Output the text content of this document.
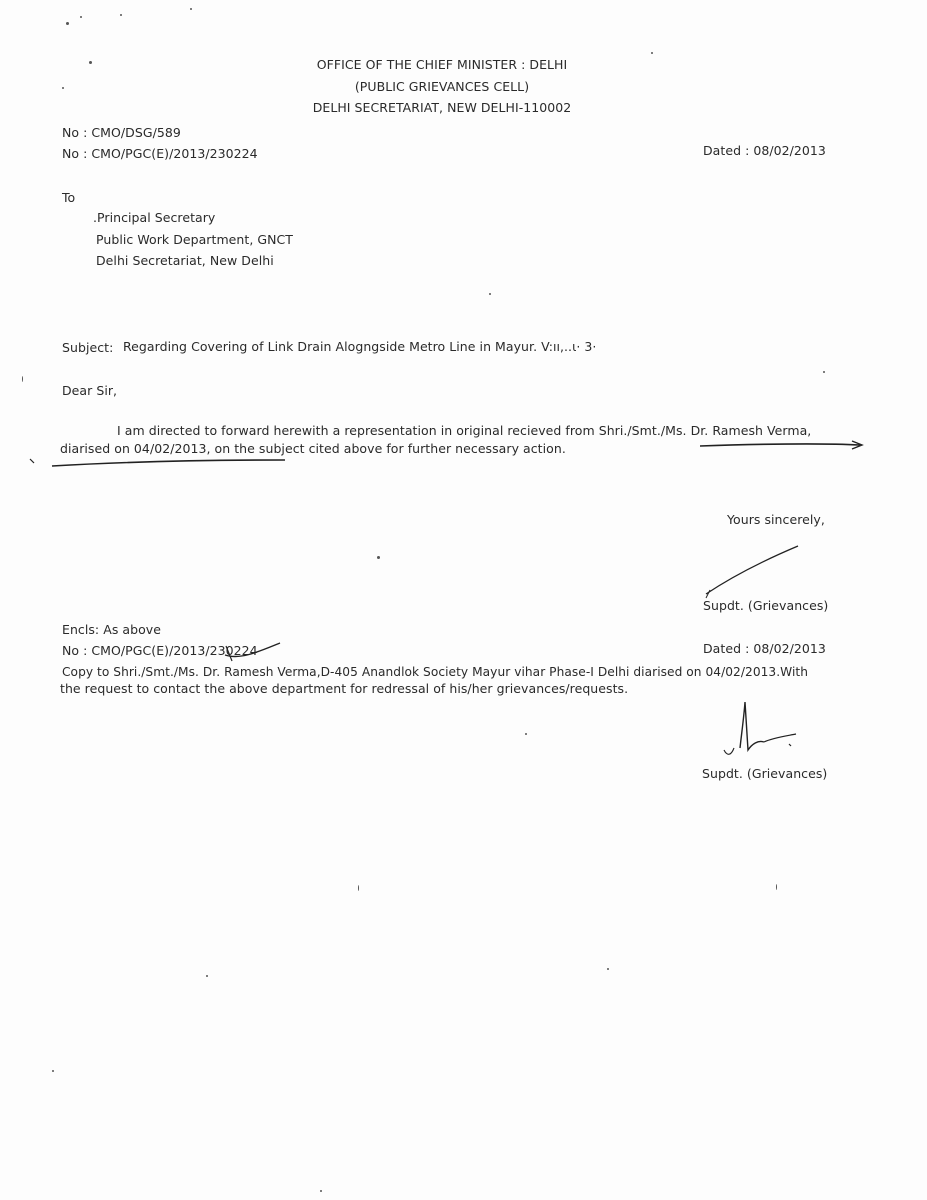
OFFICE OF THE CHIEF MINISTER : DELHI
(PUBLIC GRIEVANCES CELL)
DELHI SECRETARIAT, NEW DELHI-110002
No : CMO/DSG/589
No : CMO/PGC(E)/2013/230224	Dated : 08/02/2013
To
.Principal Secretary
Public Work Department, GNCT
Delhi Secretariat, New Delhi
Subject: Regarding Covering of Link Drain Alogngside Metro Line in Mayur. V:ıı,..ι· 3·
Dear Sir,
I am directed to forward herewith a representation in original recieved from Shri./Smt./Ms. Dr. Ramesh Verma,
diarised on 04/02/2013, on the subject cited above for further necessary action.
Yours sincerely,
Supdt. (Grievances)
Encls: As above
No : CMO/PGC(E)/2013/230224	Dated : 08/02/2013
Copy to Shri./Smt./Ms. Dr. Ramesh Verma,D-405 Anandlok Society Mayur vihar Phase-I Delhi diarised on 04/02/2013.With
the request to contact the above department for redressal of his/her grievances/requests.
Supdt. (Grievances)
